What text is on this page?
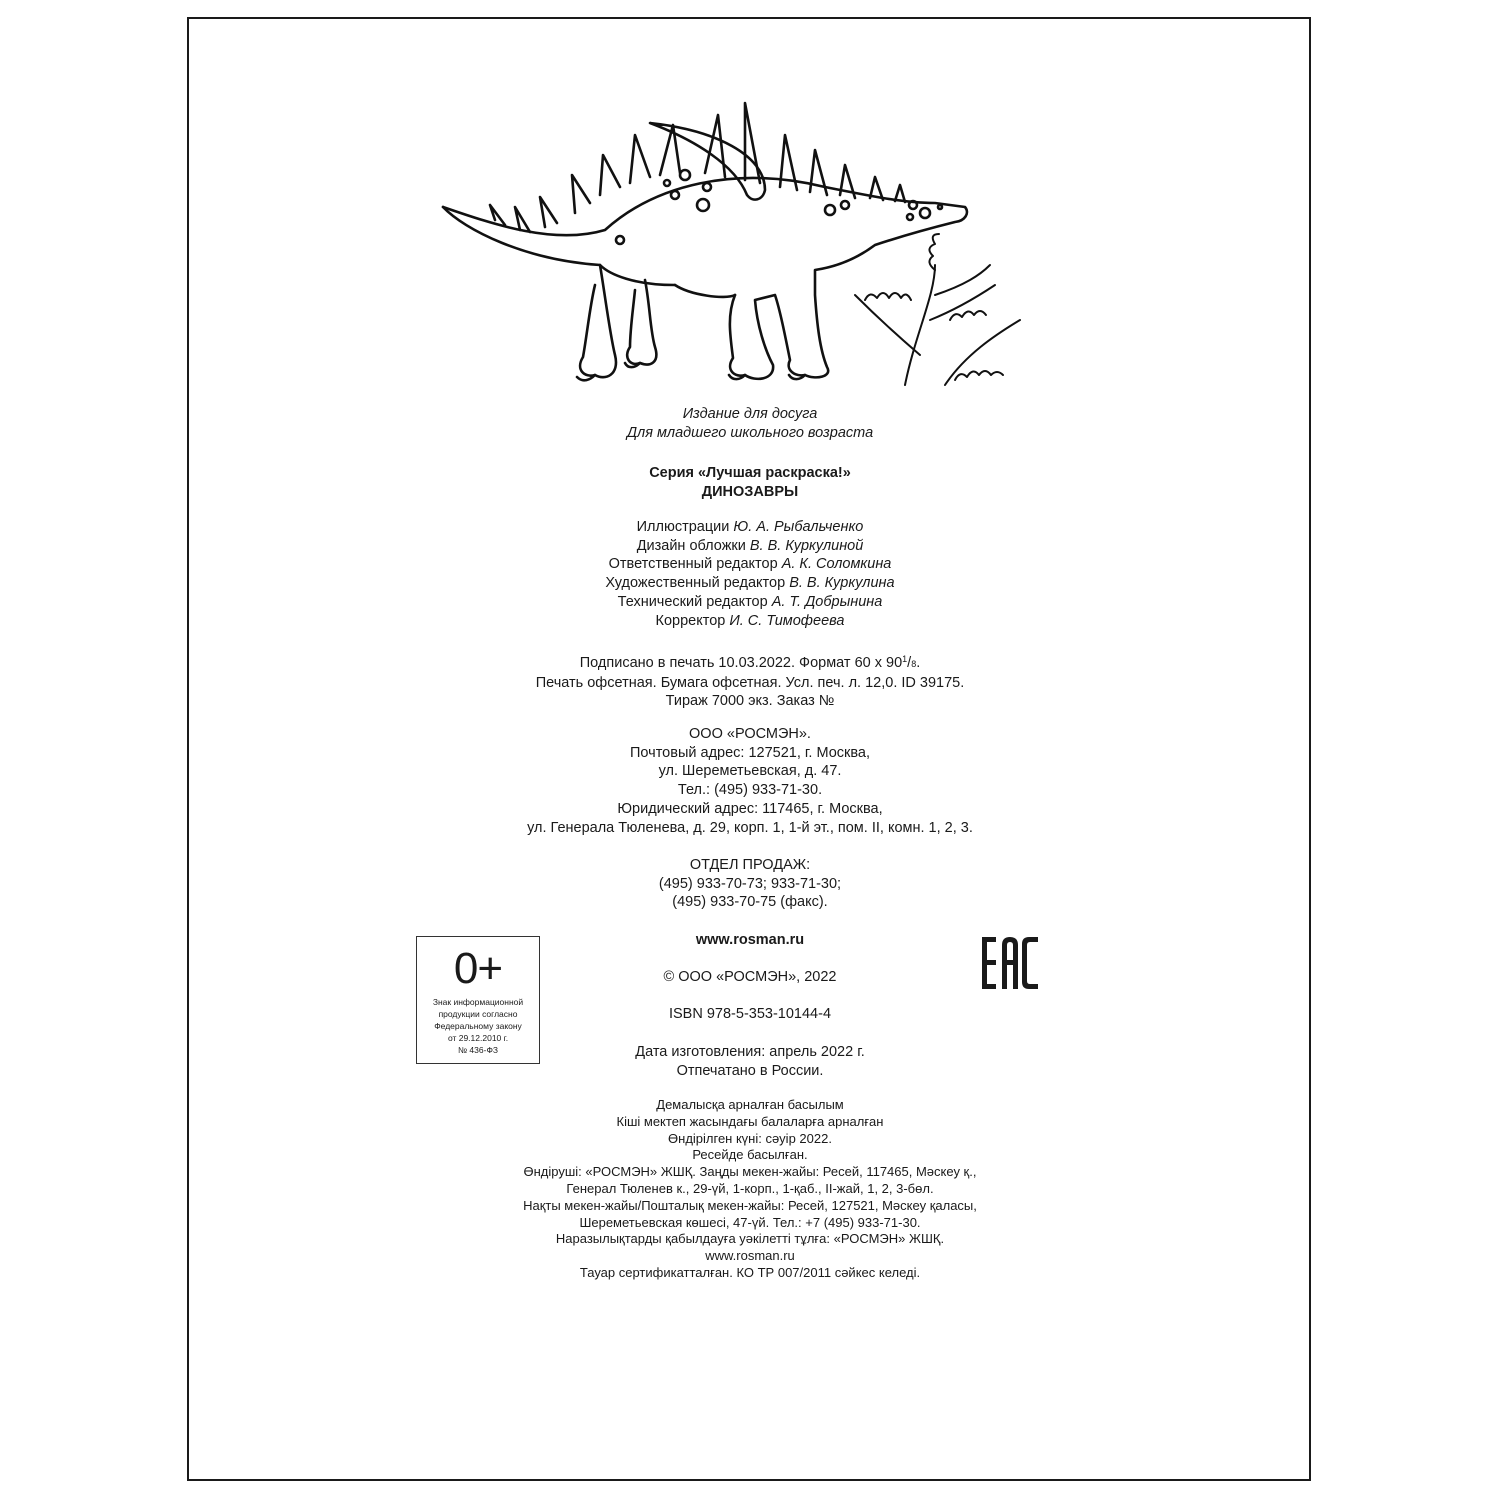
Издание для досуга
Для младшего школьного возраста
Серия «Лучшая раскраска!»
ДИНОЗАВРЫ
Иллюстрации Ю. А. Рыбальченко
Дизайн обложки В. В. Куркулиной
Ответственный редактор А. К. Соломкина
Художественный редактор В. В. Куркулина
Технический редактор А. Т. Добрынина
Корректор И. С. Тимофеева
Подписано в печать 10.03.2022. Формат 60 х $90^1/8$.
Печать офсетная. Бумага офсетная. Усл. печ. л. 12,0. ID 39175.
Тираж 7000 экз. Заказ №
ООО «РОСМЭН».
Почтовый адрес: 127521, г. Москва,
ул. Шереметьевская, д. 47.
Тел.: (495) 933-71-30.
Юридический адрес: 117465, г. Москва,
ул. Генерала Тюленева, д. 29, корп. 1, 1-й эт., пом. II, комн. 1, 2, 3.
ОТДЕЛ ПРОДАЖ:
(495) 933-70-73; 933-71-30;
(495) 933-70-75 (факс).
www.rosman.ru
© ООО «РОСМЭН», 2022
ISBN 978-5-353-10144-4
Дата изготовления: апрель 2022 г.
Отпечатано в России.
Демалысқа арналған басылым
Кіші мектеп жасындағы балаларға арналған
Өндірілген күні: сәуір 2022.
Ресейде басылған.
Өндіруші: «РОСМЭН» ЖШҚ. Заңды мекен-жайы: Ресей, 117465, Мәскеу қ.,
Генерал Тюленев к., 29-үй, 1-корп., 1-қаб., II-жай, 1, 2, 3-бөл.
Нақты мекен-жайы/Пошталық мекен-жайы: Ресей, 127521, Мәскеу қаласы,
Шереметьевская көшесі, 47-үй. Тел.: +7 (495) 933-71-30.
Наразылықтарды қабылдауға уәкілетті тұлға: «РОСМЭН» ЖШҚ.
www.rosman.ru
Тауар сертификатталған. КО ТР 007/2011 сәйкес келеді.
0+
Знак информационной
продукции согласно
Федеральному закону
от 29.12.2010 г.
№ 436-ФЗ
